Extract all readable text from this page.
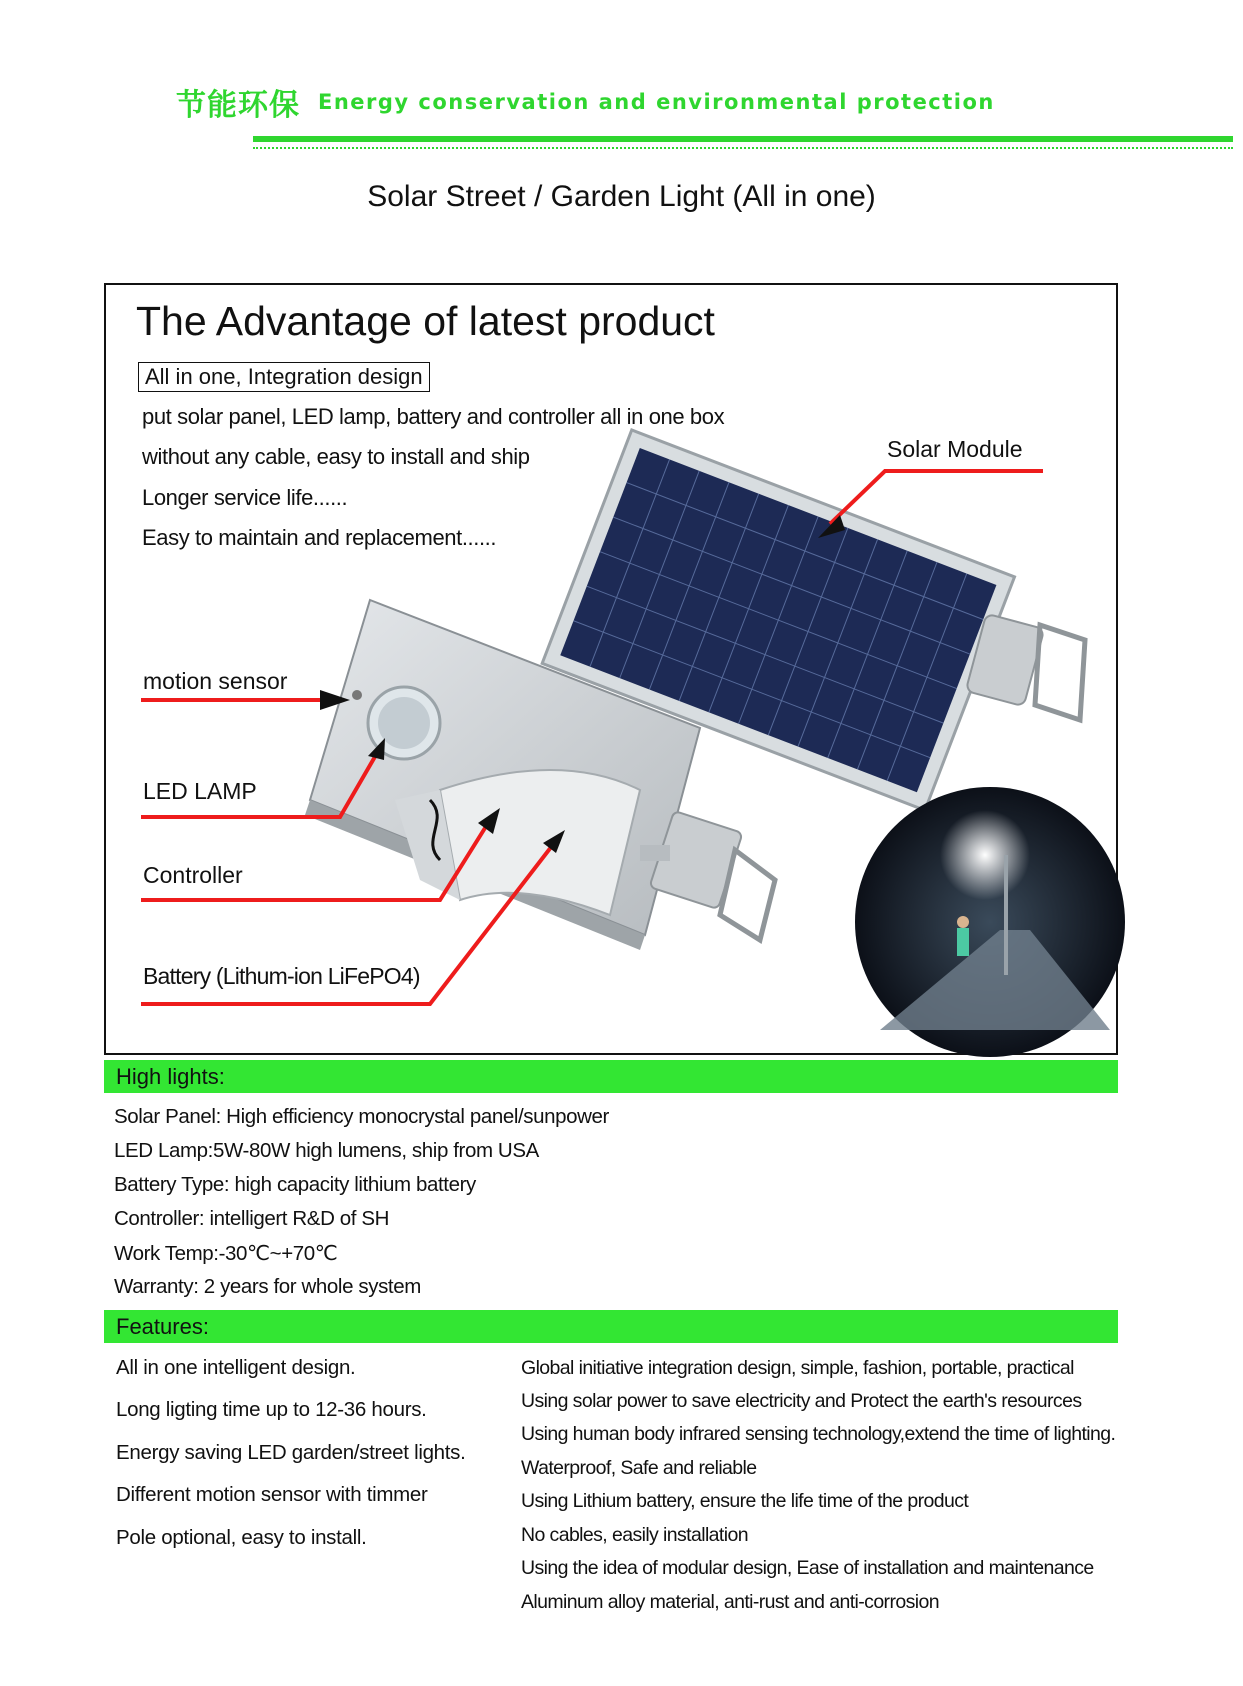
节能环保 Energy conservation and environmental protection
Solar Street / Garden Light (All in one)
The Advantage of latest product
All in one, Integration design
put solar panel, LED lamp, battery and controller all in one box
without any cable, easy to install and ship
Longer service life......
Easy to maintain and replacement......
Solar Module
motion sensor
LED LAMP
Controller
Battery (Lithum-ion LiFePO4)
High lights:
Solar Panel: High efficiency monocrystal panel/sunpower
LED Lamp:5W-80W high lumens, ship from USA
Battery Type: high capacity lithium battery
Controller: intelligert R&D of SH
Work Temp:-30℃~+70℃
Warranty: 2 years for whole system
Features:
All in one intelligent design.
Long ligting time up to 12-36 hours.
Energy saving LED garden/street lights.
Different motion sensor with timmer
Pole optional, easy to install.
Global initiative integration design, simple, fashion, portable, practical
Using solar power to save electricity and Protect the earth's resources
Using human body infrared sensing technology,extend the time of lighting.
Waterproof, Safe and reliable
Using Lithium battery, ensure the life time of the product
No cables, easily installation
Using the idea of modular design, Ease of installation and maintenance
Aluminum alloy material, anti-rust and anti-corrosion
